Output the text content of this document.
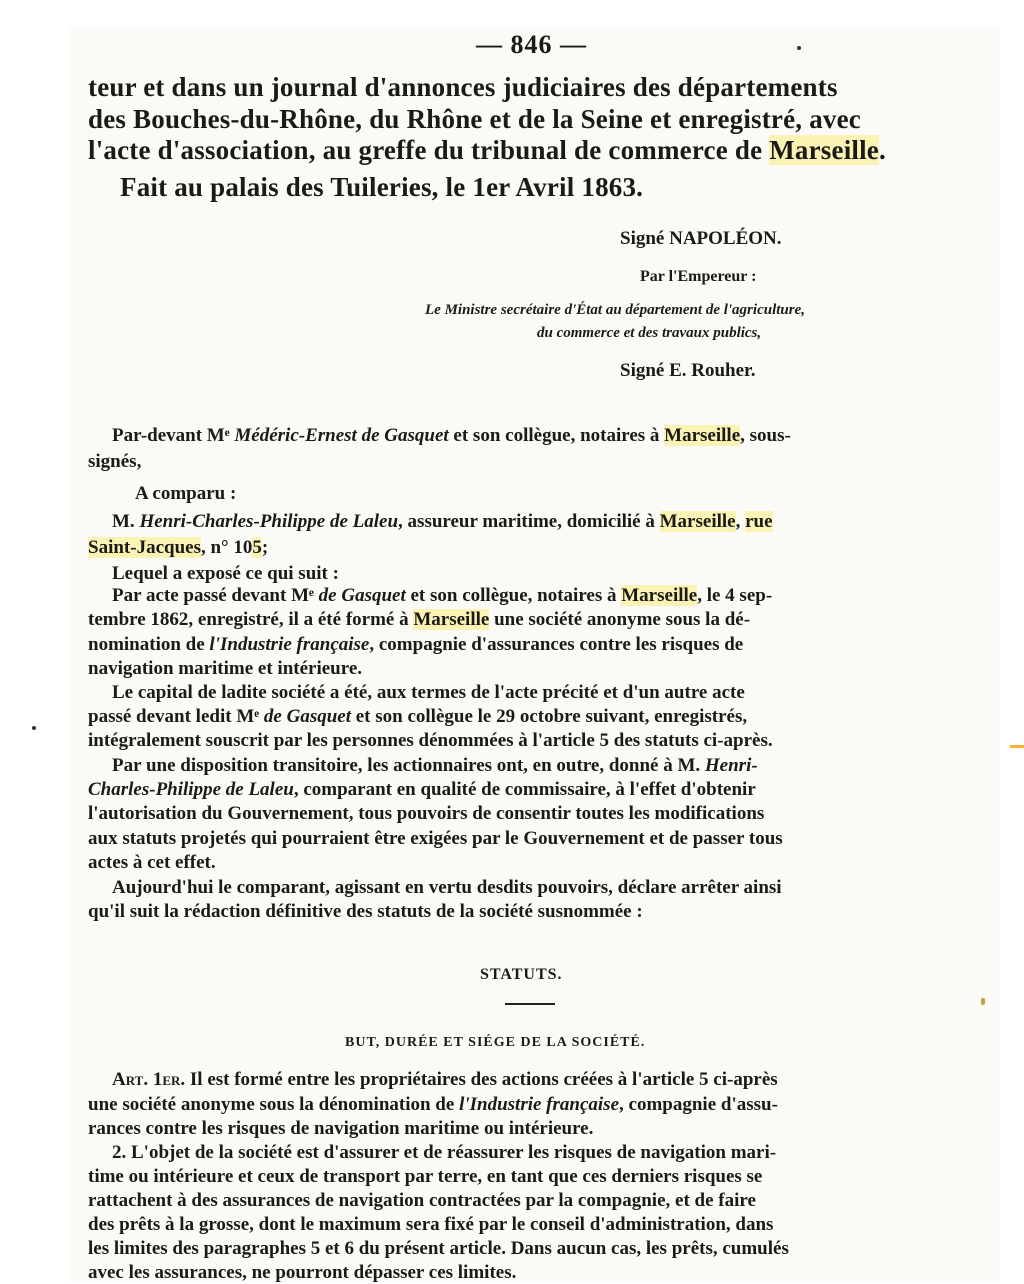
— 846 —
teur et dans un journal d'annonces judiciaires des départements
des Bouches-du-Rhône, du Rhône et de la Seine et enregistré, avec
l'acte d'association, au greffe du tribunal de commerce de Marseille.
Fait au palais des Tuileries, le 1er Avril 1863.
Signé NAPOLÉON.
Par l'Empereur :
Le Ministre secrétaire d'État au département de l'agriculture,
du commerce et des travaux publics,
Signé E. Rouher.
Par-devant Mᵉ Médéric-Ernest de Gasquet et son collègue, notaires à Marseille, sous-
signés,
A comparu :
M. Henri-Charles-Philippe de Laleu, assureur maritime, domicilié à Marseille, rue
Saint-Jacques, n° 105;
Lequel a exposé ce qui suit :
Par acte passé devant Mᵉ de Gasquet et son collègue, notaires à Marseille, le 4 sep-
tembre 1862, enregistré, il a été formé à Marseille une société anonyme sous la dé-
nomination de l'Industrie française, compagnie d'assurances contre les risques de
navigation maritime et intérieure.
Le capital de ladite société a été, aux termes de l'acte précité et d'un autre acte
passé devant ledit Mᵉ de Gasquet et son collègue le 29 octobre suivant, enregistrés,
intégralement souscrit par les personnes dénommées à l'article 5 des statuts ci-après.
Par une disposition transitoire, les actionnaires ont, en outre, donné à M. Henri-
Charles-Philippe de Laleu, comparant en qualité de commissaire, à l'effet d'obtenir
l'autorisation du Gouvernement, tous pouvoirs de consentir toutes les modifications
aux statuts projetés qui pourraient être exigées par le Gouvernement et de passer tous
actes à cet effet.
Aujourd'hui le comparant, agissant en vertu desdits pouvoirs, déclare arrêter ainsi
qu'il suit la rédaction définitive des statuts de la société susnommée :
STATUTS.
BUT, DURÉE ET SIÉGE DE LA SOCIÉTÉ.
Art. 1er. Il est formé entre les propriétaires des actions créées à l'article 5 ci-après
une société anonyme sous la dénomination de l'Industrie française, compagnie d'assu-
rances contre les risques de navigation maritime ou intérieure.
2. L'objet de la société est d'assurer et de réassurer les risques de navigation mari-
time ou intérieure et ceux de transport par terre, en tant que ces derniers risques se
rattachent à des assurances de navigation contractées par la compagnie, et de faire
des prêts à la grosse, dont le maximum sera fixé par le conseil d'administration, dans
les limites des paragraphes 5 et 6 du présent article. Dans aucun cas, les prêts, cumulés
avec les assurances, ne pourront dépasser ces limites.
